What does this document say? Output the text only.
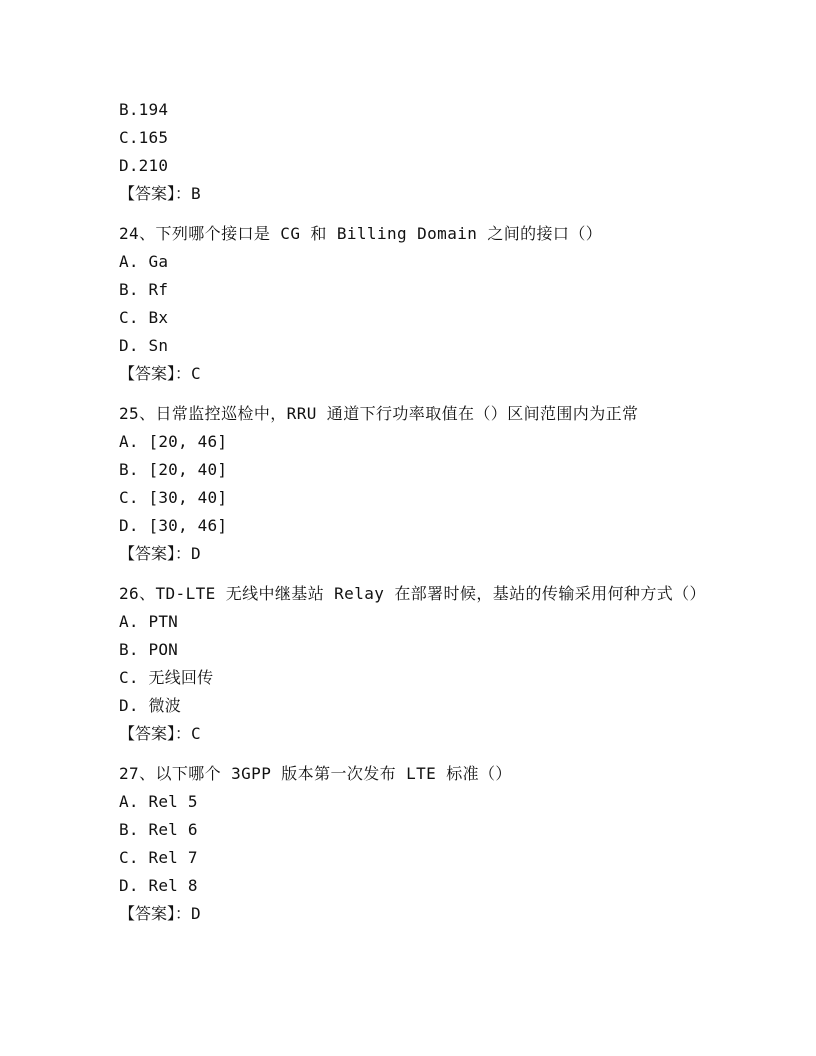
B.194
C.165
D.210
【答案】：B
24、下列哪个接口是 CG 和 Billing Domain 之间的接口（）
A. Ga
B. Rf
C. Bx
D. Sn
【答案】：C
25、日常监控巡检中，RRU 通道下行功率取值在（）区间范围内为正常
A. [20, 46]
B. [20, 40]
C. [30, 40]
D. [30, 46]
【答案】：D
26、TD-LTE 无线中继基站 Relay 在部署时候，基站的传输采用何种方式（）
A. PTN
B. PON
C. 无线回传
D. 微波
【答案】：C
27、以下哪个 3GPP 版本第一次发布 LTE 标准（）
A. Rel 5
B. Rel 6
C. Rel 7
D. Rel 8
【答案】：D
